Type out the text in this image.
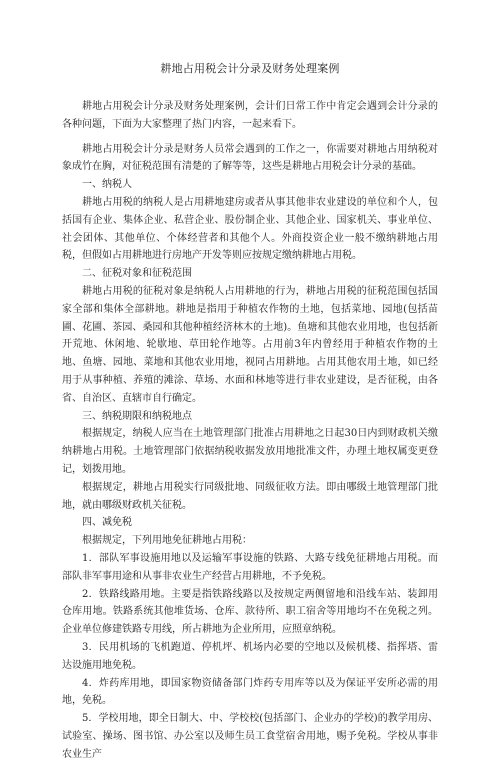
耕地占用税会计分录及财务处理案例

耕地占用税会计分录及财务处理案例，会计们日常工作中肯定会遇到会计分录的各种问题，下面为大家整理了热门内容，一起来看下。

耕地占用税会计分录是财务人员常会遇到的工作之一，你需要对耕地占用纳税对象成竹在胸，对征税范围有清楚的了解等等，这些是耕地占用税会计分录的基础。

一、纳税人

耕地占用税的纳税人是占用耕地建房或者从事其他非农业建设的单位和个人，包括国有企业、集体企业、私营企业、股份制企业、其他企业、国家机关、事业单位、社会团体、其他单位、个体经营者和其他个人。外商投资企业一般不缴纳耕地占用税，但假如占用耕地进行房地产开发等则应按规定缴纳耕地占用税。

二、征税对象和征税范围

耕地占用税的征税对象是纳税人占用耕地的行为，耕地占用税的征税范围包括国家全部和集体全部耕地。耕地是指用于种植农作物的土地，包括菜地、园地(包括苗圃、花圃、茶园、桑园和其他种植经济林木的土地)。鱼塘和其他农业用地，也包括新开荒地、休闲地、轮歇地、草田轮作地等。占用前3年内曾经用于种植农作物的土地、鱼塘、园地、菜地和其他农业用地，视同占用耕地。占用其他农用土地，如已经用于从事种植、养殖的滩涂、草场、水面和林地等进行非农业建设，是否征税，由各省、自治区、直辖市自行确定。

三、纳税期限和纳税地点

根据规定，纳税人应当在土地管理部门批准占用耕地之日起30日内到财政机关缴纳耕地占用税。土地管理部门依据纳税收据发放用地批准文件，办理土地权属变更登记，划拨用地。

根据规定，耕地占用税实行同级批地、同级征收方法。即由哪级土地管理部门批地，就由哪级财政机关征税。

四、减免税

根据规定，下列用地免征耕地占用税：

1．部队军事设施用地以及运输军事设施的铁路、大路专线免征耕地占用税。而部队非军事用途和从事非农业生产经营占用耕地，不予免税。

2．铁路线路用地。主要是指铁路线路以及按规定两侧留地和沿线车站、装卸用仓库用地。铁路系统其他堆货场、仓库、款待所、职工宿舍等用地均不在免税之列。企业单位修建铁路专用线，所占耕地为企业所用，应照章纳税。

3．民用机场的飞机跑道、停机坪、机场内必要的空地以及候机楼、指挥塔、雷达设施用地免税。

4．炸药库用地，即国家物资储备部门炸药专用库等以及为保证平安所必需的用地，免税。

5．学校用地，即全日制大、中、学校校(包括部门、企业办的学校)的教学用房、试验室、操场、图书馆、办公室以及师生员工食堂宿舍用地，赐予免税。学校从事非农业生产
